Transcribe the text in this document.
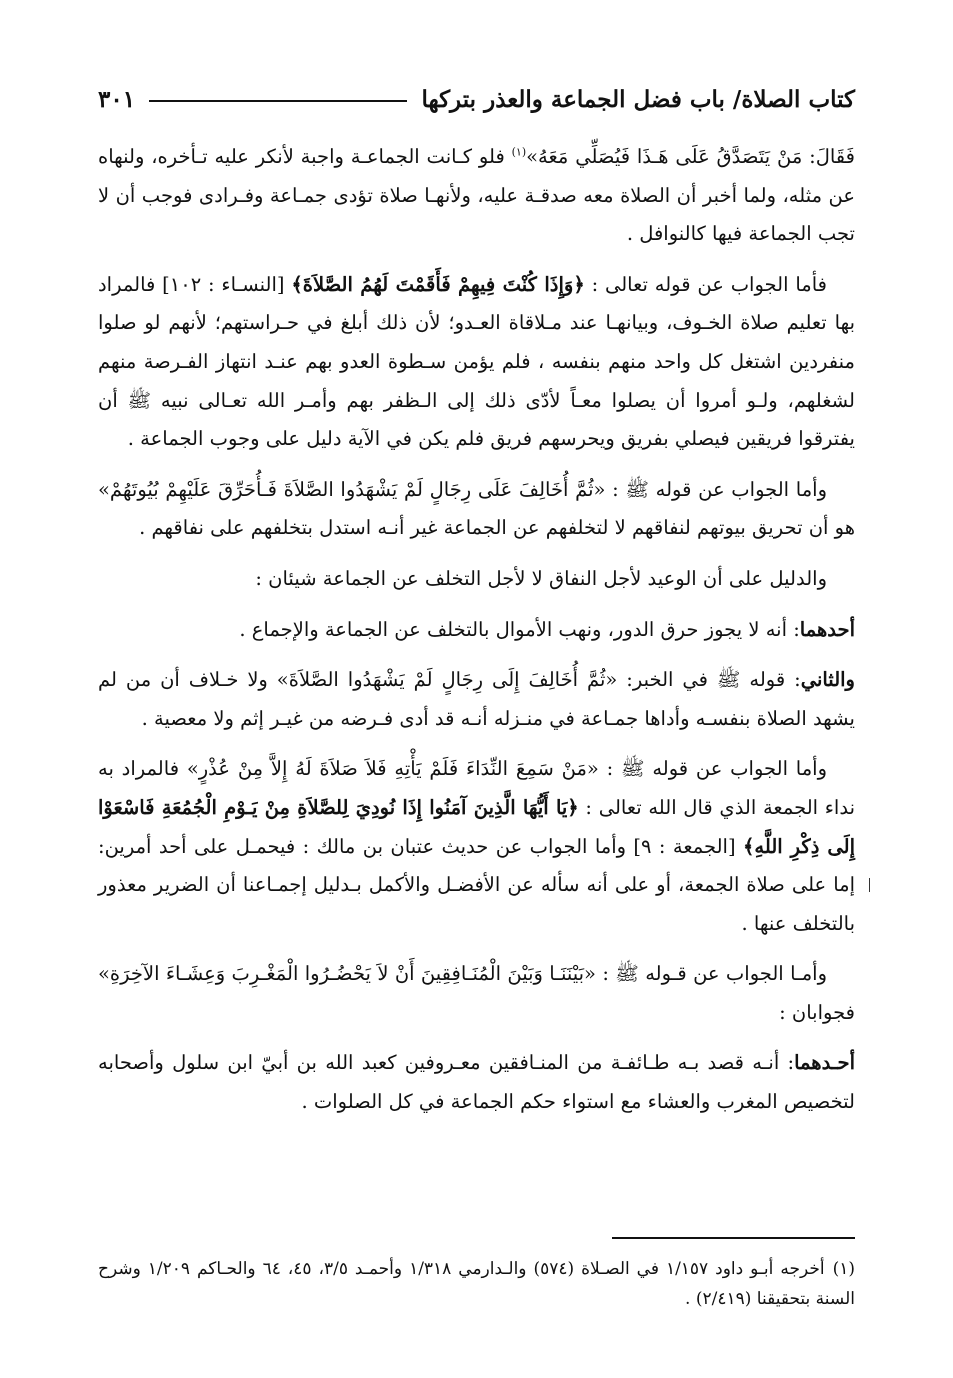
كتاب الصلاة/ باب فضل الجماعة والعذر بتركها
٣٠١

فَقَالَ: مَنْ يَتَصَدَّقُ عَلَى هَـذَا فَيُصَلِّي مَعَهُ»$^{(١)}$ فلو كـانت الجماعـة واجبة لأنكر عليه تـأخره، ولنهاه عن مثله، ولما أخبر أن الصلاة معه صدقـة عليه، ولأنهـا صلاة تؤدى جمـاعة وفـرادى فوجب أن لا تجب الجماعة فيها كالنوافل .

فأما الجواب عن قوله تعالى : ﴿وَإِذَا كُنْتَ فِيهِمْ فَأَقَمْتَ لَهُمُ الصَّلاَةَ﴾ [النسـاء : ١٠٢] فالمراد بها تعليم صلاة الخـوف، وبيانهـا عند مـلاقاة العـدو؛ لأن ذلك أبلغ في حـراستهم؛ لأنهم لو صلوا منفردين اشتغل كل واحد منهم بنفسه ، فلم يؤمن سـطوة العدو بهم عنـد انتهاز الفـرصة منهم لشغلهم، ولـو أمروا أن يصلوا معـاً لأدّى ذلك إلى الـظفر بهم وأمـر الله تعـالى نبيه ﷺ أن يفترقوا فريقين فيصلي بفريق ويحرسهم فريق فلم يكن في الآية دليل على وجوب الجماعة .

وأما الجواب عن قوله ﷺ : «ثُمَّ أُخَالِفَ عَلَى رِجَالٍ لَمْ يَشْهَدُوا الصَّلاَةَ فَـأُحَرِّقَ عَلَيْهِمْ بُيُوتَهُمْ» هو أن تحريق بيوتهم لنفاقهم لا لتخلفهم عن الجماعة غير أنـه استدل بتخلفهم على نفاقهم .

والدليل على أن الوعيد لأجل النفاق لا لأجل التخلف عن الجماعة شيئان :

أحدهما: أنه لا يجوز حرق الدور، ونهب الأموال بالتخلف عن الجماعة والإجماع .

والثاني: قوله ﷺ في الخبر: «ثُمَّ أُخَالِفَ إِلَى رِجَالٍ لَمْ يَشْهَدُوا الصَّلاَةَ» ولا خـلاف أن من لم يشهد الصلاة بنفسـه وأداها جمـاعة في منـزله أنـه قد أدى فـرضه من غيـر إثم ولا معصية .

وأما الجواب عن قوله ﷺ : «مَنْ سَمِعَ النِّدَاءَ فَلَمْ يَأْتِهِ فَلاَ صَلاَةَ لَهُ إِلاَّ مِنْ عُذْرٍ» فالمراد به نداء الجمعة الذي قال الله تعالى : ﴿يَا أَيُّهَا الَّذِينَ آمَنُوا إِذَا نُودِيَ لِلصَّلاَةِ مِنْ يَـوْمِ الْجُمُعَةِ فَاسْعَوْا إِلَى ذِكْرِ اللَّهِ﴾ [الجمعة : ٩] وأما الجواب عن حديث عتبان بن مالك : فيحمـل على أحد أمرين: إما على صلاة الجمعة، أو على أنه سأله عن الأفضـل والأكمل بـدليل إجمـاعنا أن الضرير معذور بالتخلف عنها .

وأمـا الجواب عن قـوله ﷺ : «بَيْنَنَـا وَبَيْنَ الْمُنَـافِقِينَ أَنْ لاَ يَحْضُـرُوا الْمَغْـرِبَ وَعِشَـاءَ الآخِرَةِ» فجوابان :

أحـدهما: أنـه قصد بـه طـائفـة من المنـافقين معـروفين كعبد الله بن أبيّ ابن سلول وأصحابه لتخصيص المغرب والعشاء مع استواء حكم الجماعة في كل الصلوات .

(١)أخرجه أبـو داود ١/١٥٧ في الصـلاة (٥٧٤) والـدارمي ١/٣١٨ وأحمـد ٣/٥، ٤٥، ٦٤ والحـاكم ١/٢٠٩ وشرح السنة بتحقيقنا (٢/٤١٩) .
